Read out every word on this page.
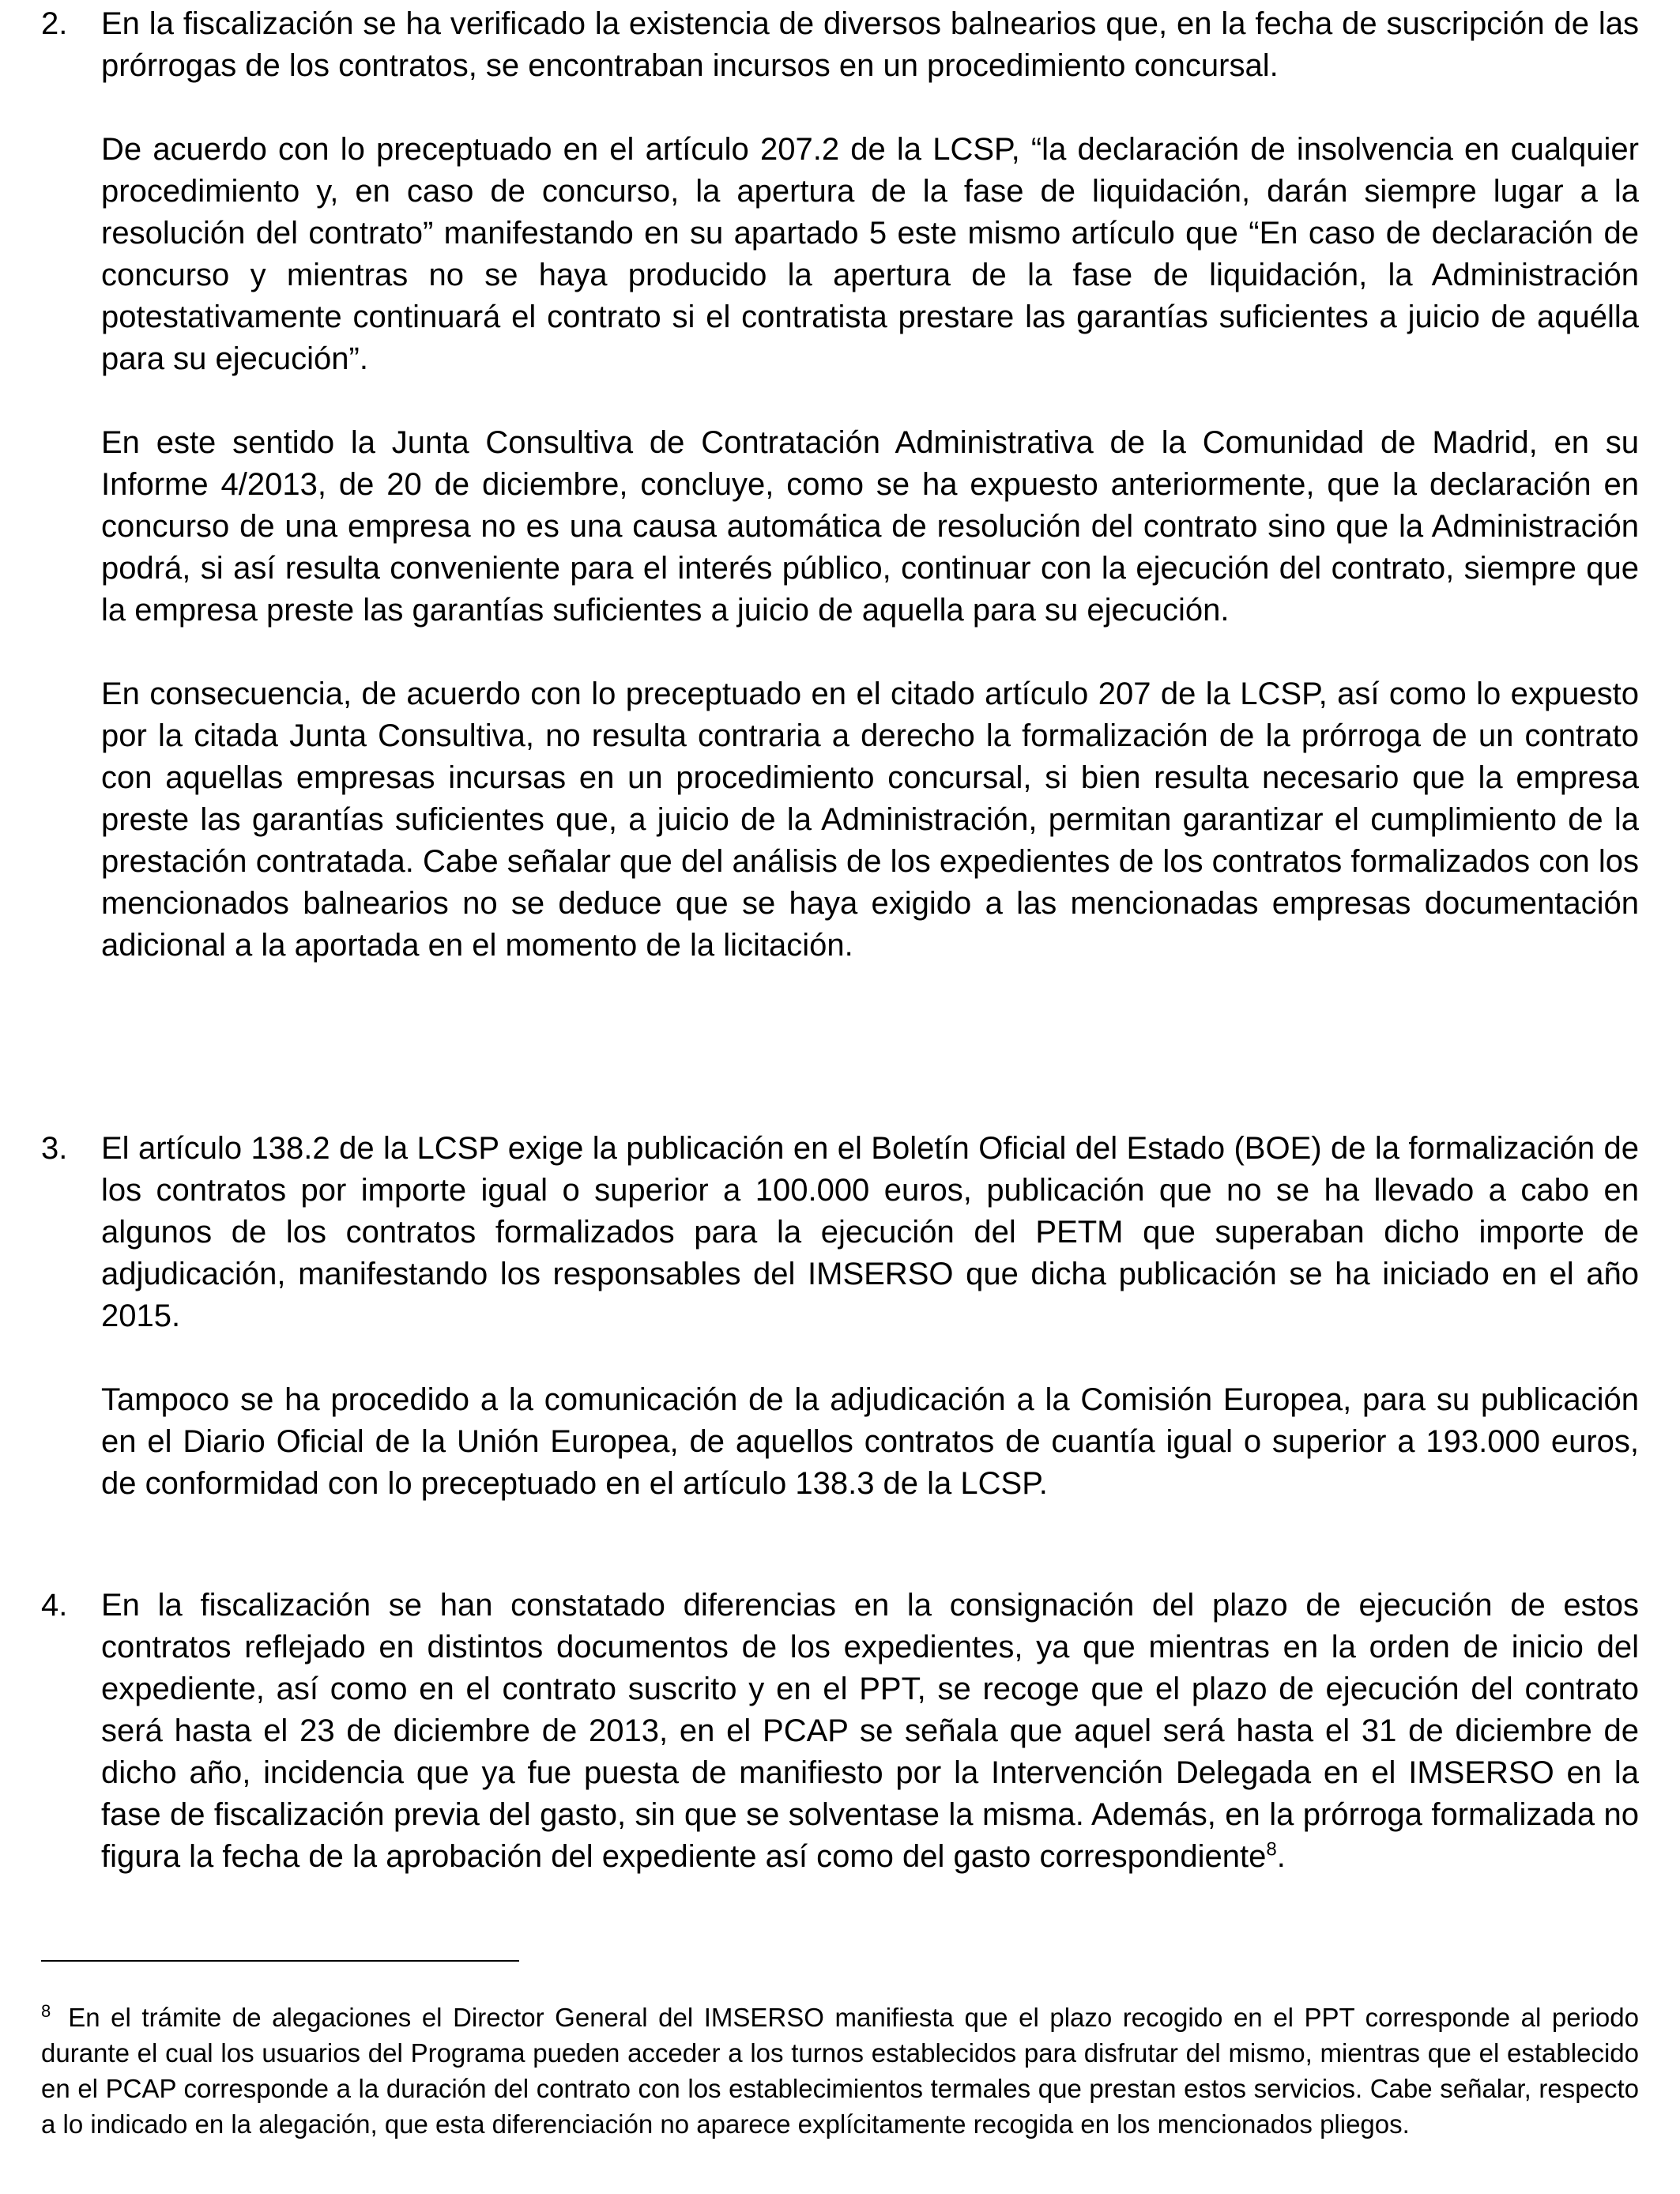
2.	En la fiscalización se ha verificado la existencia de diversos balnearios que, en la fecha de suscripción de las prórrogas de los contratos, se encontraban incursos en un procedimiento concursal.

De acuerdo con lo preceptuado en el artículo 207.2 de la LCSP, “la declaración de insolvencia en cualquier procedimiento y, en caso de concurso, la apertura de la fase de liquidación, darán siempre lugar a la resolución del contrato” manifestando en su apartado 5 este mismo artículo que “En caso de declaración de concurso y mientras no se haya producido la apertura de la fase de liquidación, la Administración potestativamente continuará el contrato si el contratista prestare las garantías suficientes a juicio de aquélla para su ejecución”.

En este sentido la Junta Consultiva de Contratación Administrativa de la Comunidad de Madrid, en su Informe 4/2013, de 20 de diciembre, concluye, como se ha expuesto anteriormente, que la declaración en concurso de una empresa no es una causa automática de resolución del contrato sino que la Administración podrá, si así resulta conveniente para el interés público, continuar con la ejecución del contrato, siempre que la empresa preste las garantías suficientes a juicio de aquella para su ejecución.

En consecuencia, de acuerdo con lo preceptuado en el citado artículo 207 de la LCSP, así como lo expuesto por la citada Junta Consultiva, no resulta contraria a derecho la formalización de la prórroga de un contrato con aquellas empresas incursas en un procedimiento concursal, si bien resulta necesario que la empresa preste las garantías suficientes que, a juicio de la Administración, permitan garantizar el cumplimiento de la prestación contratada. Cabe señalar que del análisis de los expedientes de los contratos formalizados con los mencionados balnearios no se deduce que se haya exigido a las mencionadas empresas documentación adicional a la aportada en el momento de la licitación.

3.	El artículo 138.2 de la LCSP exige la publicación en el Boletín Oficial del Estado (BOE) de la formalización de los contratos por importe igual o superior a 100.000 euros, publicación que no se ha llevado a cabo en algunos de los contratos formalizados para la ejecución del PETM que superaban dicho importe de adjudicación, manifestando los responsables del IMSERSO que dicha publicación se ha iniciado en el año 2015.

Tampoco se ha procedido a la comunicación de la adjudicación a la Comisión Europea, para su publicación en el Diario Oficial de la Unión Europea, de aquellos contratos de cuantía igual o superior a 193.000 euros, de conformidad con lo preceptuado en el artículo 138.3 de la LCSP.

4.	En la fiscalización se han constatado diferencias en la consignación del plazo de ejecución de estos contratos reflejado en distintos documentos de los expedientes, ya que mientras en la orden de inicio del expediente, así como en el contrato suscrito y en el PPT, se recoge que el plazo de ejecución del contrato será hasta el 23 de diciembre de 2013, en el PCAP se señala que aquel será hasta el 31 de diciembre de dicho año, incidencia que ya fue puesta de manifiesto por la Intervención Delegada en el IMSERSO en la fase de fiscalización previa del gasto, sin que se solventase la misma. Además, en la prórroga formalizada no figura la fecha de la aprobación del expediente así como del gasto correspondiente$^8$.

$^8$ En el trámite de alegaciones el Director General del IMSERSO manifiesta que el plazo recogido en el PPT corresponde al periodo durante el cual los usuarios del Programa pueden acceder a los turnos establecidos para disfrutar del mismo, mientras que el establecido en el PCAP corresponde a la duración del contrato con los establecimientos termales que prestan estos servicios. Cabe señalar, respecto a lo indicado en la alegación, que esta diferenciación no aparece explícitamente recogida en los mencionados pliegos.
